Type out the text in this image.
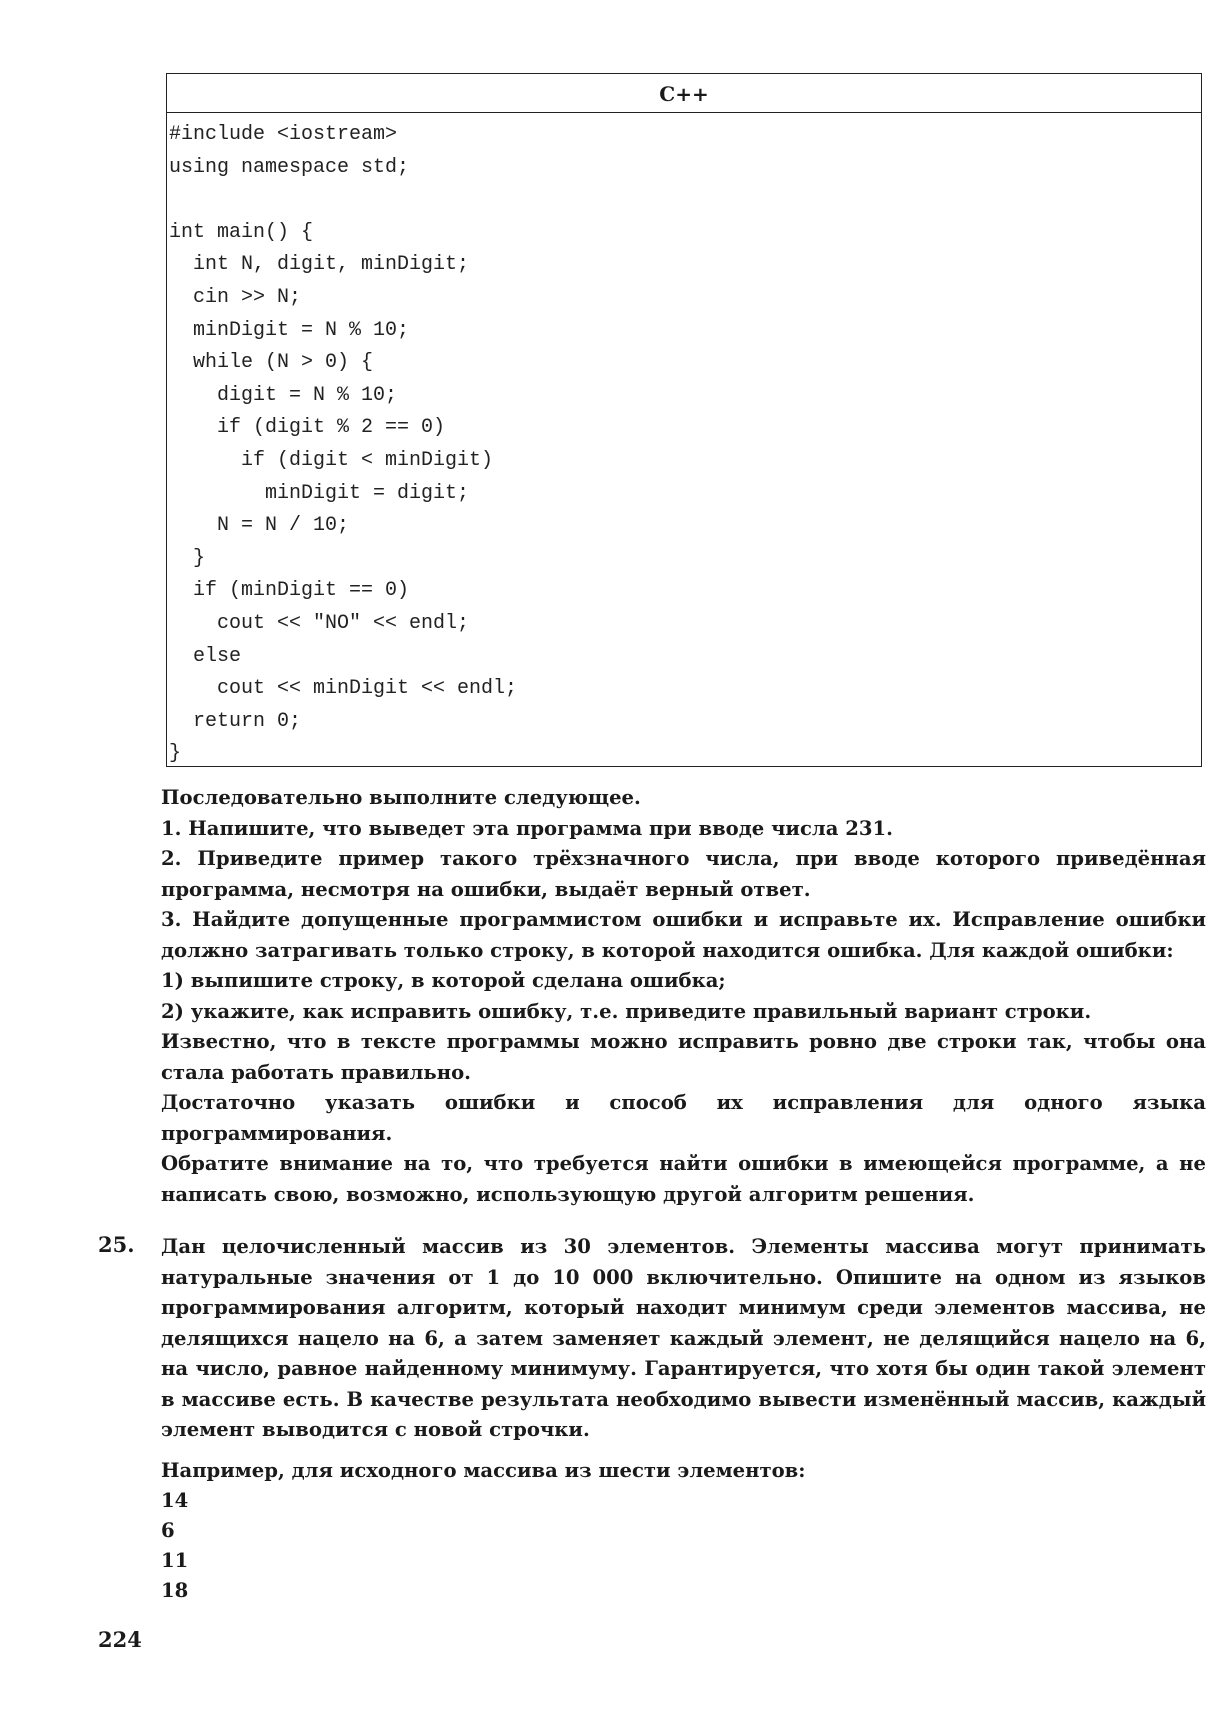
C++
#include <iostream>
using namespace std;
int main() {
int N, digit, minDigit;
cin >> N;
minDigit = N % 10;
while (N > 0) {
digit = N % 10;
if (digit % 2 == 0)
if (digit < minDigit)
minDigit = digit;
N = N / 10;
}
if (minDigit == 0)
cout << "NO" << endl;
else
cout << minDigit << endl;
return 0;
}

Последовательно выполните следующее.

1. Напишите, что выведет эта программа при вводе числа 231.

2. Приведите пример такого трёхзначного числа, при вводе которого приведённая программа, несмотря на ошибки, выдаёт верный ответ.

3. Найдите допущенные программистом ошибки и исправьте их. Исправление ошибки должно затрагивать только строку, в которой находится ошибка. Для каждой ошибки:

1) выпишите строку, в которой сделана ошибка;

2) укажите, как исправить ошибку, т.е. приведите правильный вариант строки.

Известно, что в тексте программы можно исправить ровно две строки так, чтобы она стала работать правильно.

Достаточно указать ошибки и способ их исправления для одного языка программирования.

Обратите внимание на то, что требуется найти ошибки в имеющейся программе, а не написать свою, возможно, использующую другой алгоритм решения.

25. Дан целочисленный массив из 30 элементов. Элементы массива могут принимать натуральные значения от 1 до 10 000 включительно. Опишите на одном из языков программирования алгоритм, который находит минимум среди элементов массива, не делящихся нацело на 6, а затем заменяет каждый элемент, не делящийся нацело на 6, на число, равное найденному минимуму. Гарантируется, что хотя бы один такой элемент в массиве есть. В качестве результата необходимо вывести изменённый массив, каждый элемент выводится с новой строчки.

Например, для исходного массива из шести элементов:

14

6

11

18

224
